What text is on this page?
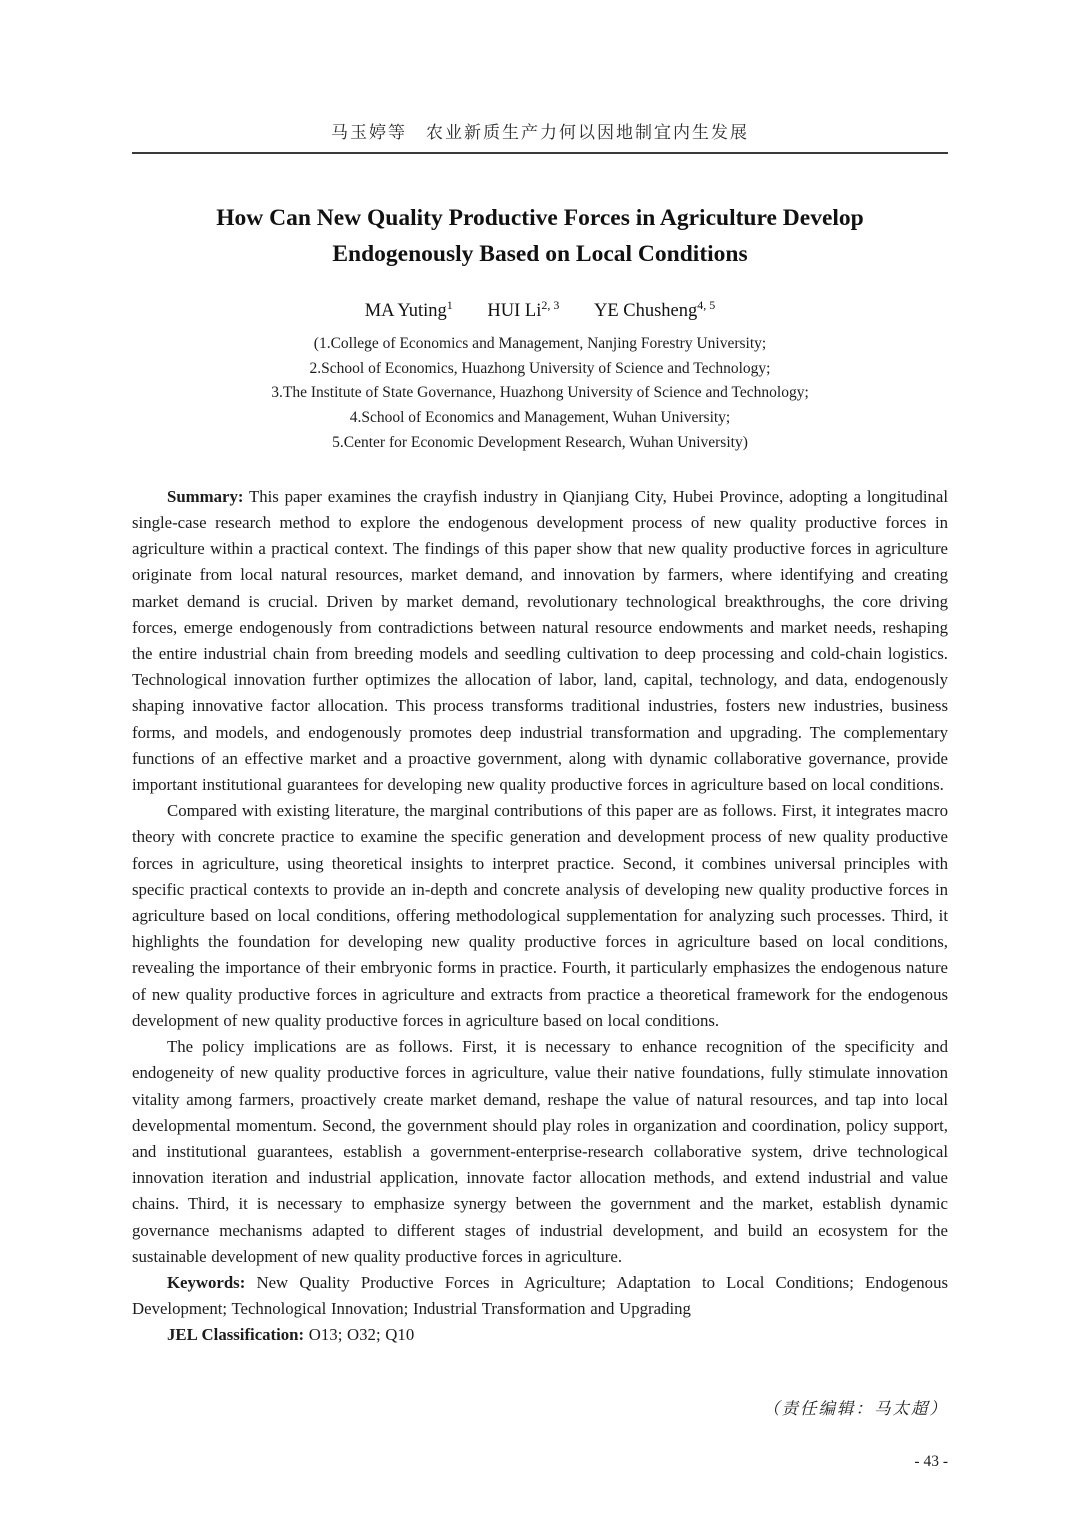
马玉婷等　农业新质生产力何以因地制宜内生发展
How Can New Quality Productive Forces in Agriculture Develop
Endogenously Based on Local Conditions
MA Yuting$^1$ HUI Li$^{2, 3}$ YE Chusheng$^{4, 5}$
(1.College of Economics and Management, Nanjing Forestry University;
2.School of Economics, Huazhong University of Science and Technology;
3.The Institute of State Governance, Huazhong University of Science and Technology;
4.School of Economics and Management, Wuhan University;
5.Center for Economic Development Research, Wuhan University)

Summary: This paper examines the crayfish industry in Qianjiang City, Hubei Province, adopting a longitudinal single-case research method to explore the endogenous development process of new quality productive forces in agriculture within a practical context. The findings of this paper show that new quality productive forces in agriculture originate from local natural resources, market demand, and innovation by farmers, where identifying and creating market demand is crucial. Driven by market demand, revolutionary technological breakthroughs, the core driving forces, emerge endogenously from contradictions between natural resource endowments and market needs, reshaping the entire industrial chain from breeding models and seedling cultivation to deep processing and cold-chain logistics. Technological innovation further optimizes the allocation of labor, land, capital, technology, and data, endogenously shaping innovative factor allocation. This process transforms traditional industries, fosters new industries, business forms, and models, and endogenously promotes deep industrial transformation and upgrading. The complementary functions of an effective market and a proactive government, along with dynamic collaborative governance, provide important institutional guarantees for developing new quality productive forces in agriculture based on local conditions.

Compared with existing literature, the marginal contributions of this paper are as follows. First, it integrates macro theory with concrete practice to examine the specific generation and development process of new quality productive forces in agriculture, using theoretical insights to interpret practice. Second, it combines universal principles with specific practical contexts to provide an in-depth and concrete analysis of developing new quality productive forces in agriculture based on local conditions, offering methodological supplementation for analyzing such processes. Third, it highlights the foundation for developing new quality productive forces in agriculture based on local conditions, revealing the importance of their embryonic forms in practice. Fourth, it particularly emphasizes the endogenous nature of new quality productive forces in agriculture and extracts from practice a theoretical framework for the endogenous development of new quality productive forces in agriculture based on local conditions.

The policy implications are as follows. First, it is necessary to enhance recognition of the specificity and endogeneity of new quality productive forces in agriculture, value their native foundations, fully stimulate innovation vitality among farmers, proactively create market demand, reshape the value of natural resources, and tap into local developmental momentum. Second, the government should play roles in organization and coordination, policy support, and institutional guarantees, establish a government-enterprise-research collaborative system, drive technological innovation iteration and industrial application, innovate factor allocation methods, and extend industrial and value chains. Third, it is necessary to emphasize synergy between the government and the market, establish dynamic governance mechanisms adapted to different stages of industrial development, and build an ecosystem for the sustainable development of new quality productive forces in agriculture.

Keywords: New Quality Productive Forces in Agriculture; Adaptation to Local Conditions; Endogenous Development; Technological Innovation; Industrial Transformation and Upgrading

JEL Classification: O13; O32; Q10

（责任编辑：马太超）
- 43 -
